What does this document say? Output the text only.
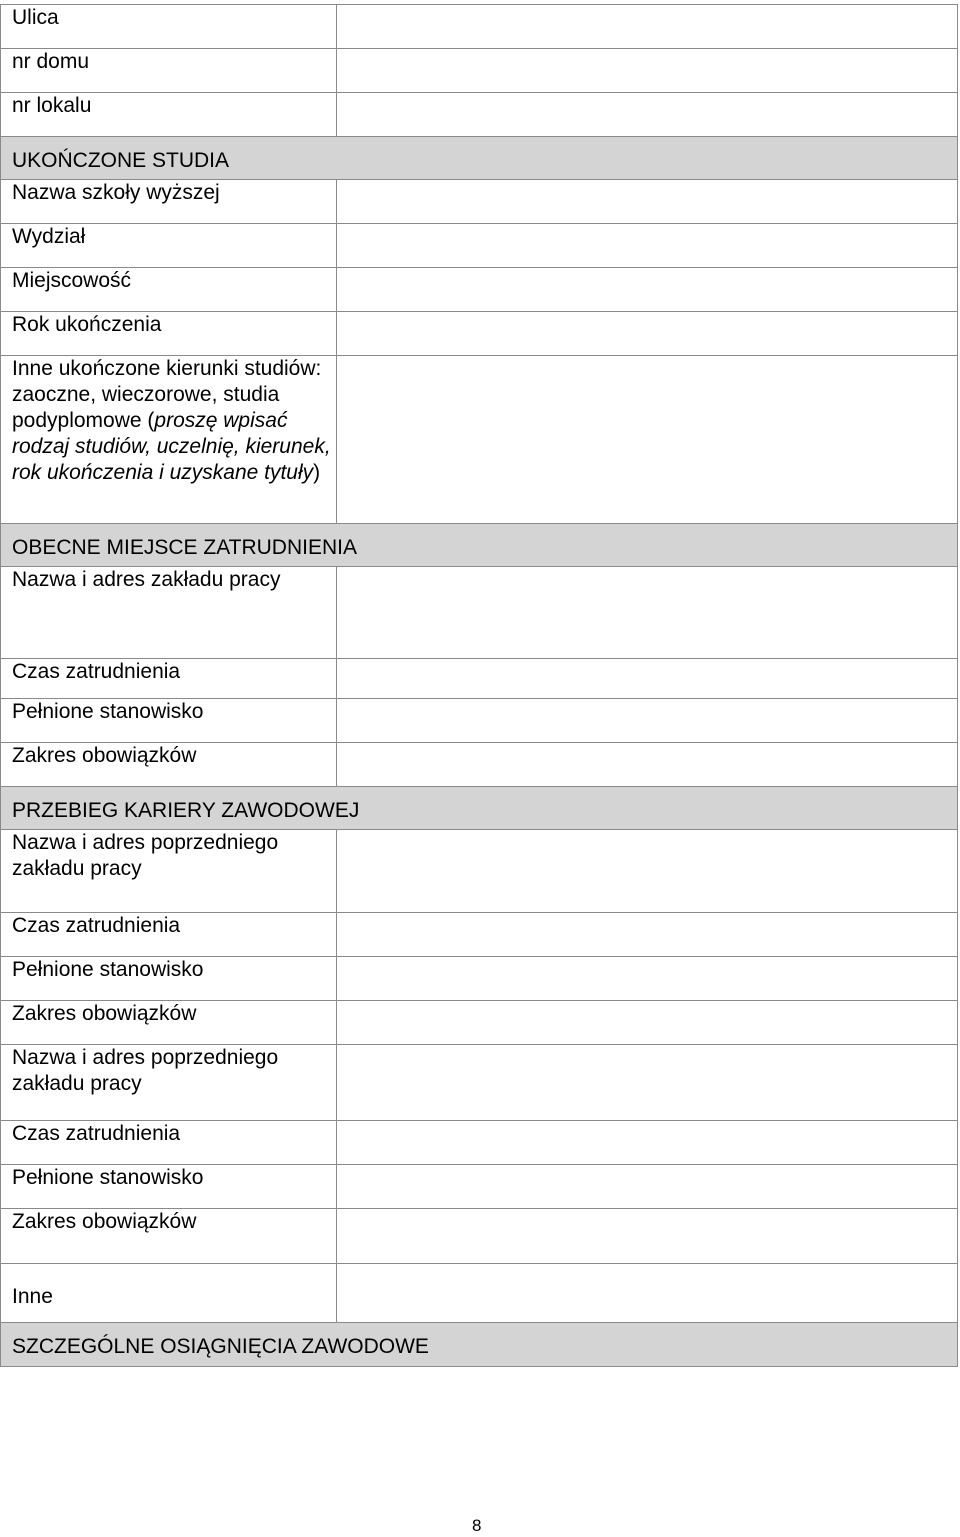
Ulica	
nr domu	
nr lokalu	
UKOŃCZONE STUDIA	
Nazwa szkoły wyższej	
Wydział	
Miejscowość	
Rok ukończenia	
Inne ukończone kierunki studiów: zaoczne, wieczorowe, studia podyplomowe (proszę wpisać rodzaj studiów, uczelnię, kierunek, rok ukończenia i uzyskane tytuły)	
OBECNE MIEJSCE ZATRUDNIENIA	
Nazwa i adres zakładu pracy	
Czas zatrudnienia	
Pełnione stanowisko	
Zakres obowiązków	
PRZEBIEG KARIERY ZAWODOWEJ	
Nazwa i adres poprzedniego zakładu pracy	
Czas zatrudnienia	
Pełnione stanowisko	
Zakres obowiązków	
Nazwa i adres poprzedniego zakładu pracy	
Czas zatrudnienia	
Pełnione stanowisko	
Zakres obowiązków	
Inne	
SZCZEGÓLNE OSIĄGNIĘCIA ZAWODOWE	
8
